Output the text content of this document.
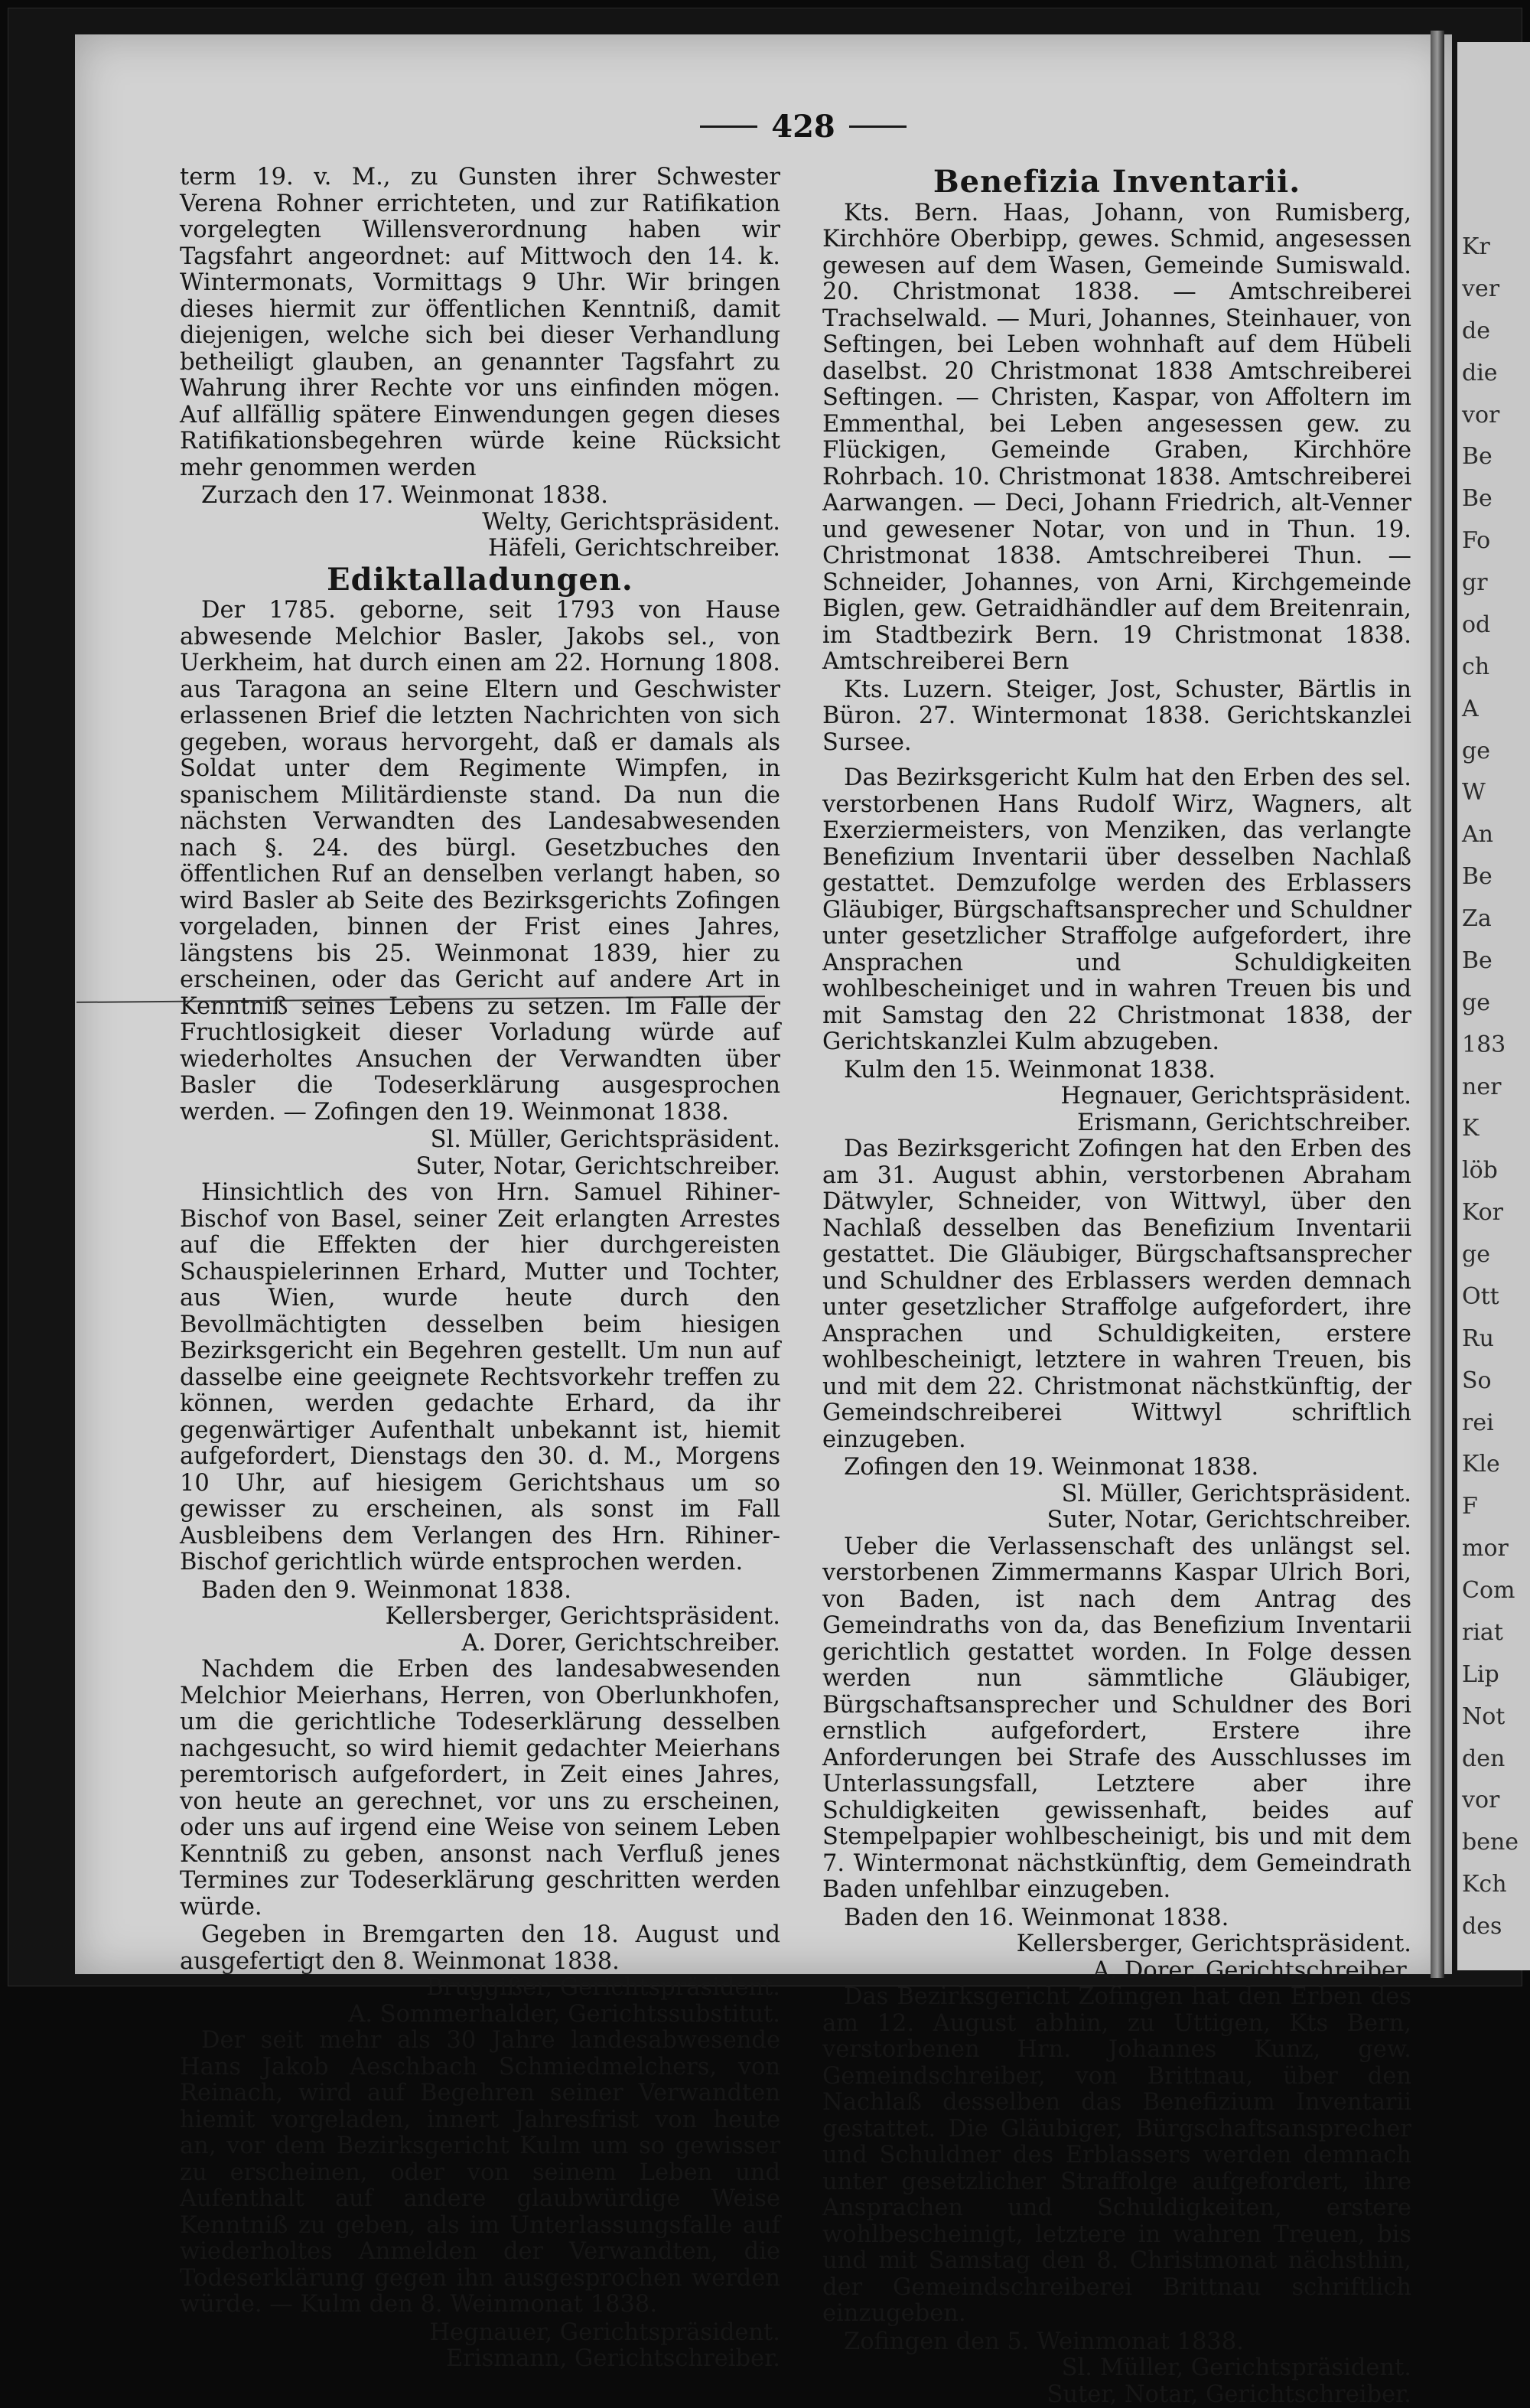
Kr
ver
de
die
vor
Be
Be
Fo
gr
od
ch
A
ge
W
An
Be
Za
Be
ge
183
ner
K
löb
Kor
ge
Ott
Ru
So
rei
Kle
F
mor
Com
riat
Lip
Not
den
vor
bene
Kch
des
428

term 19. v. M., zu Gunsten ihrer Schwester Verena Rohner errichteten, und zur Ratifikation vorgelegten Willensverordnung haben wir Tagsfahrt angeordnet: auf Mittwoch den 14. k. Wintermonats, Vormittags 9 Uhr. Wir bringen dieses hiermit zur öffentlichen Kenntniß, damit diejenigen, welche sich bei dieser Verhandlung betheiligt glauben, an genannter Tagsfahrt zu Wahrung ihrer Rechte vor uns einfinden mögen. Auf allfällig spätere Einwendungen gegen dieses Ratifikationsbegehren würde keine Rücksicht mehr genommen werden

Zurzach den 17. Weinmonat 1838.

Welty, Gerichtspräsident.

Häfeli, Gerichtschreiber.

Ediktalladungen.

Der 1785. geborne, seit 1793 von Hause abwesende Melchior Basler, Jakobs sel., von Uerkheim, hat durch einen am 22. Hornung 1808. aus Taragona an seine Eltern und Geschwister erlassenen Brief die letzten Nachrichten von sich gegeben, woraus hervorgeht, daß er damals als Soldat unter dem Regimente Wimpfen, in spanischem Militärdienste stand. Da nun die nächsten Verwandten des Landesabwesenden nach §. 24. des bürgl. Gesetzbuches den öffentlichen Ruf an denselben verlangt haben, so wird Basler ab Seite des Bezirksgerichts Zofingen vorgeladen, binnen der Frist eines Jahres, längstens bis 25. Weinmonat 1839, hier zu erscheinen, oder das Gericht auf andere Art in Kenntniß seines Lebens zu setzen. Im Falle der Fruchtlosigkeit dieser Vorladung würde auf wiederholtes Ansuchen der Verwandten über Basler die Todeserklärung ausgesprochen werden. — Zofingen den 19. Weinmonat 1838.

Sl. Müller, Gerichtspräsident.

Suter, Notar, Gerichtschreiber.

Hinsichtlich des von Hrn. Samuel Rihiner-Bischof von Basel, seiner Zeit erlangten Arrestes auf die Effekten der hier durchgereisten Schauspielerinnen Erhard, Mutter und Tochter, aus Wien, wurde heute durch den Bevollmächtigten desselben beim hiesigen Bezirksgericht ein Begehren gestellt. Um nun auf dasselbe eine geeignete Rechtsvorkehr treffen zu können, werden gedachte Erhard, da ihr gegenwärtiger Aufenthalt unbekannt ist, hiemit aufgefordert, Dienstags den 30. d. M., Morgens 10 Uhr, auf hiesigem Gerichtshaus um so gewisser zu erscheinen, als sonst im Fall Ausbleibens dem Verlangen des Hrn. Rihiner-Bischof gerichtlich würde entsprochen werden.

Baden den 9. Weinmonat 1838.

Kellersberger, Gerichtspräsident.

A. Dorer, Gerichtschreiber.

Nachdem die Erben des landesabwesenden Melchior Meierhans, Herren, von Oberlunkhofen, um die gerichtliche Todeserklärung desselben nachgesucht, so wird hiemit gedachter Meierhans peremtorisch aufgefordert, in Zeit eines Jahres, von heute an gerechnet, vor uns zu erscheinen, oder uns auf irgend eine Weise von seinem Leben Kenntniß zu geben, ansonst nach Verfluß jenes Termines zur Todeserklärung geschritten werden würde.

Gegeben in Bremgarten den 18. August und ausgefertigt den 8. Weinmonat 1838.

Bruggißer, Gerichtspräsident.

A. Sommerhalder, Gerichtssubstitut.

Der seit mehr als 30 Jahre landesabwesende Hans Jakob Aeschbach Schmiedmelchers, von Reinach, wird auf Begehren seiner Verwandten hiemit vorgeladen, innert Jahresfrist von heute an, vor dem Bezirksgericht Kulm um so gewisser zu erscheinen, oder von seinem Leben und Aufenthalt auf andere glaubwürdige Weise Kenntniß zu geben, als im Unterlassungsfalle auf wiederholtes Anmelden der Verwandten, die Todeserklärung gegen ihn ausgesprochen werden würde. — Kulm den 8. Weinmonat 1838.

Hegnauer, Gerichtspräsident.

Erismann, Gerichtschreiber.

Benefizia Inventarii.

Kts. Bern. Haas, Johann, von Rumisberg, Kirchhöre Oberbipp, gewes. Schmid, angesessen gewesen auf dem Wasen, Gemeinde Sumiswald. 20. Christmonat 1838. — Amtschreiberei Trachselwald. — Muri, Johannes, Steinhauer, von Seftingen, bei Leben wohnhaft auf dem Hübeli daselbst. 20 Christmonat 1838 Amtschreiberei Seftingen. — Christen, Kaspar, von Affoltern im Emmenthal, bei Leben angesessen gew. zu Flückigen, Gemeinde Graben, Kirchhöre Rohrbach. 10. Christmonat 1838. Amtschreiberei Aarwangen. — Deci, Johann Friedrich, alt-Venner und gewesener Notar, von und in Thun. 19. Christmonat 1838. Amtschreiberei Thun. — Schneider, Johannes, von Arni, Kirchgemeinde Biglen, gew. Getraidhändler auf dem Breitenrain, im Stadtbezirk Bern. 19 Christmonat 1838. Amtschreiberei Bern

Kts. Luzern. Steiger, Jost, Schuster, Bärtlis in Büron. 27. Wintermonat 1838. Gerichtskanzlei Sursee.

Das Bezirksgericht Kulm hat den Erben des sel. verstorbenen Hans Rudolf Wirz, Wagners, alt Exerziermeisters, von Menziken, das verlangte Benefizium Inventarii über desselben Nachlaß gestattet. Demzufolge werden des Erblassers Gläubiger, Bürgschaftsansprecher und Schuldner unter gesetzlicher Straffolge aufgefordert, ihre Ansprachen und Schuldigkeiten wohlbescheiniget und in wahren Treuen bis und mit Samstag den 22 Christmonat 1838, der Gerichtskanzlei Kulm abzugeben.

Kulm den 15. Weinmonat 1838.

Hegnauer, Gerichtspräsident.

Erismann, Gerichtschreiber.

Das Bezirksgericht Zofingen hat den Erben des am 31. August abhin, verstorbenen Abraham Dätwyler, Schneider, von Wittwyl, über den Nachlaß desselben das Benefizium Inventarii gestattet. Die Gläubiger, Bürgschaftsansprecher und Schuldner des Erblassers werden demnach unter gesetzlicher Straffolge aufgefordert, ihre Ansprachen und Schuldigkeiten, erstere wohlbescheinigt, letztere in wahren Treuen, bis und mit dem 22. Christmonat nächstkünftig, der Gemeindschreiberei Wittwyl schriftlich einzugeben.

Zofingen den 19. Weinmonat 1838.

Sl. Müller, Gerichtspräsident.

Suter, Notar, Gerichtschreiber.

Ueber die Verlassenschaft des unlängst sel. verstorbenen Zimmermanns Kaspar Ulrich Bori, von Baden, ist nach dem Antrag des Gemeindraths von da, das Benefizium Inventarii gerichtlich gestattet worden. In Folge dessen werden nun sämmtliche Gläubiger, Bürgschaftsansprecher und Schuldner des Bori ernstlich aufgefordert, Erstere ihre Anforderungen bei Strafe des Ausschlusses im Unterlassungsfall, Letztere aber ihre Schuldigkeiten gewissenhaft, beides auf Stempelpapier wohlbescheinigt, bis und mit dem 7. Wintermonat nächstkünftig, dem Gemeindrath Baden unfehlbar einzugeben.

Baden den 16. Weinmonat 1838.

Kellersberger, Gerichtspräsident.

A. Dorer, Gerichtschreiber.

Das Bezirksgericht Zofingen hat den Erben des am 12. August abhin, zu Uttigen, Kts Bern, verstorbenen Hrn. Johannes Kunz, gew. Gemeindschreiber, von Brittnau, über den Nachlaß desselben das Benefizium Inventarii gestattet. Die Gläubiger, Bürgschaftsansprecher und Schuldner des Erblassers werden demnach unter gesetzlicher Straffolge aufgefordert, ihre Ansprachen und Schuldigkeiten, erstere wohlbescheinigt, letztere in wahren Treuen, bis und mit Samstag den 8. Christmonat nächsthin, der Gemeindschreiberei Brittnau schriftlich einzugeben.

Zofingen den 5. Weinmonat 1838.

Sl. Müller, Gerichtspräsident.

Suter, Notar, Gerichtschreiber.
